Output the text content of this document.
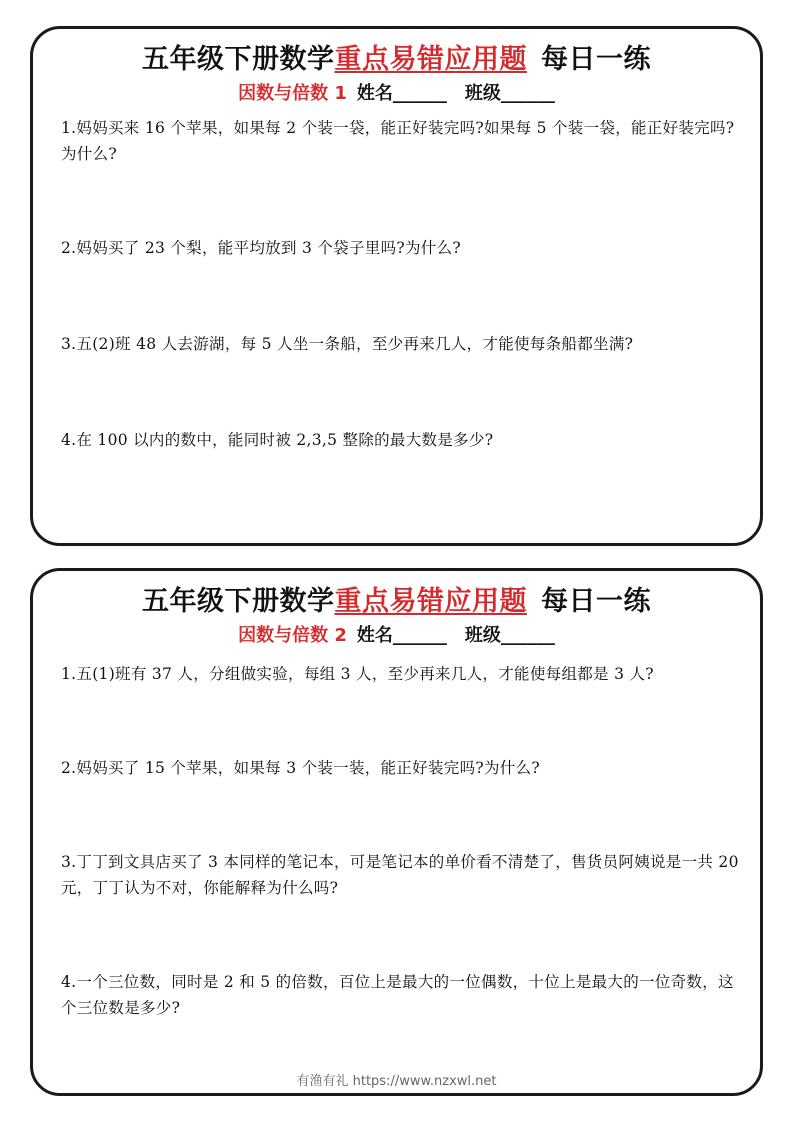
五年级下册数学重点易错应用题 每日一练
因数与倍数 1 姓名______ 班级______
1.妈妈买来 16 个苹果，如果每 2 个装一袋，能正好装完吗?如果每 5 个装一袋，能正好装完吗?为什么?
2.妈妈买了 23 个梨，能平均放到 3 个袋子里吗?为什么?
3.五(2)班 48 人去游湖，每 5 人坐一条船，至少再来几人，才能使每条船都坐满?
4.在 100 以内的数中，能同时被 2,3,5 整除的最大数是多少?
五年级下册数学重点易错应用题 每日一练
因数与倍数 2 姓名______ 班级______
1.五(1)班有 37 人，分组做实验，每组 3 人，至少再来几人，才能使每组都是 3 人?
2.妈妈买了 15 个苹果，如果每 3 个装一装，能正好装完吗?为什么?
3.丁丁到文具店买了 3 本同样的笔记本，可是笔记本的单价看不清楚了，售货员阿姨说是一共 20 元，丁丁认为不对，你能解释为什么吗?
4.一个三位数，同时是 2 和 5 的倍数，百位上是最大的一位偶数，十位上是最大的一位奇数，这个三位数是多少?
有渔有礼 https://www.nzxwl.net
